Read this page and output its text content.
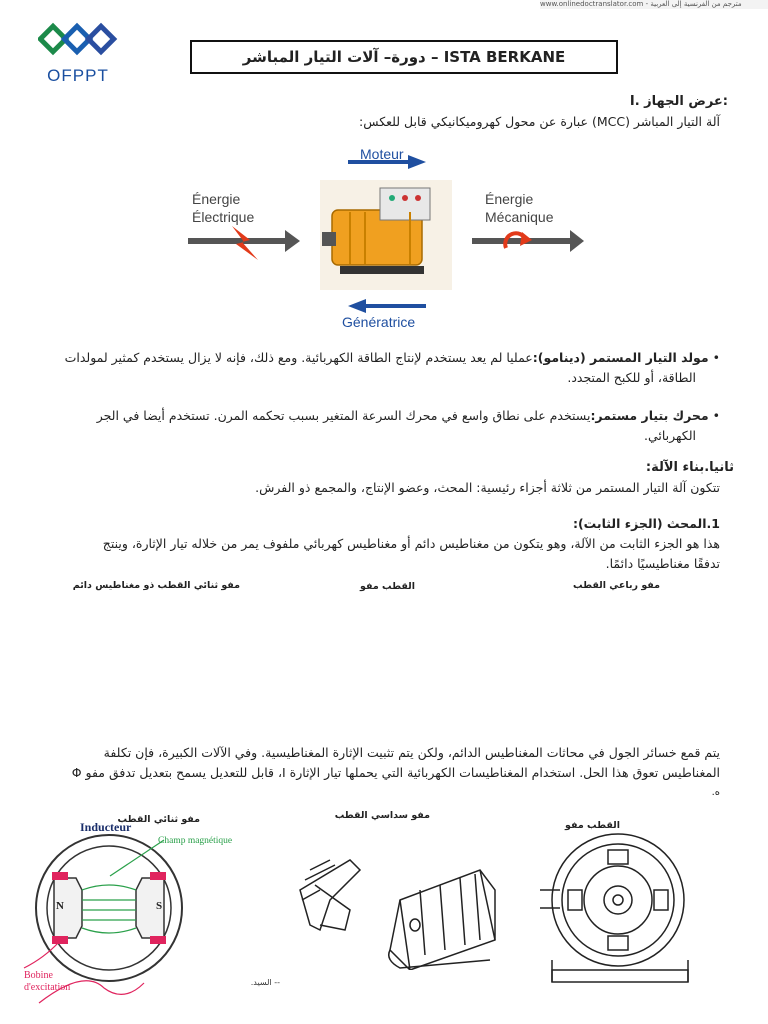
www.onlinedoctranslator.com - مترجم من الفرنسية إلى العربية
OFPPT
دورة– آلات التيار المباشر – ISTA BERKANE
:عرض الجهاز .I
آلة التيار المباشر (MCC) عبارة عن محول كهروميكانيكي قابل للعكس:
Moteur
Génératrice
Énergie
Électrique
Énergie
Mécanique
• مولد التيار المستمر (دينامو):عمليا لم يعد يستخدم لإنتاج الطاقة الكهربائية. ومع ذلك، فإنه لا يزال يستخدم كمثير لمولدات
الطاقة، أو للكبح المتجدد.
• محرك بتيار مستمر:يستخدم على نطاق واسع في محرك السرعة المتغير بسبب تحكمه المرن. تستخدم أيضا في الجر
الكهربائي.
ثانيا.بناء الآلة:
تتكون آلة التيار المستمر من ثلاثة أجزاء رئيسية: المحث، وعضو الإنتاج، والمجمع ذو الفرش.
1.المحث (الجزء الثابت):
هذا هو الجزء الثابت من الآلة، وهو يتكون من مغناطيس دائم أو مغناطيس كهربائي ملفوف يمر من خلاله تيار الإثارة، وينتج
تدفقًا مغناطيسيًا دائمًا.
مفو ثنائي القطب ذو مغناطيس دائم	القطب مفو	مفو رباعي القطب
يتم قمع خسائر الجول في محاثات المغناطيس الدائم، ولكن يتم تثبيت الإثارة المغناطيسية. وفي الآلات الكبيرة، فإن تكلفة
المغناطيس تعوق هذا الحل. استخدام المغناطيسات الكهربائية التي يحملها تيار الإثارة I، قابل للتعديل يسمح بتعديل تدفق مفو Φ
ه.
مفو ثنائي القطب	مفو سداسي القطب
القطب مفو
Inducteur
Champ magnétique
N	S
Bobine
d'excitation	-- السيد.
